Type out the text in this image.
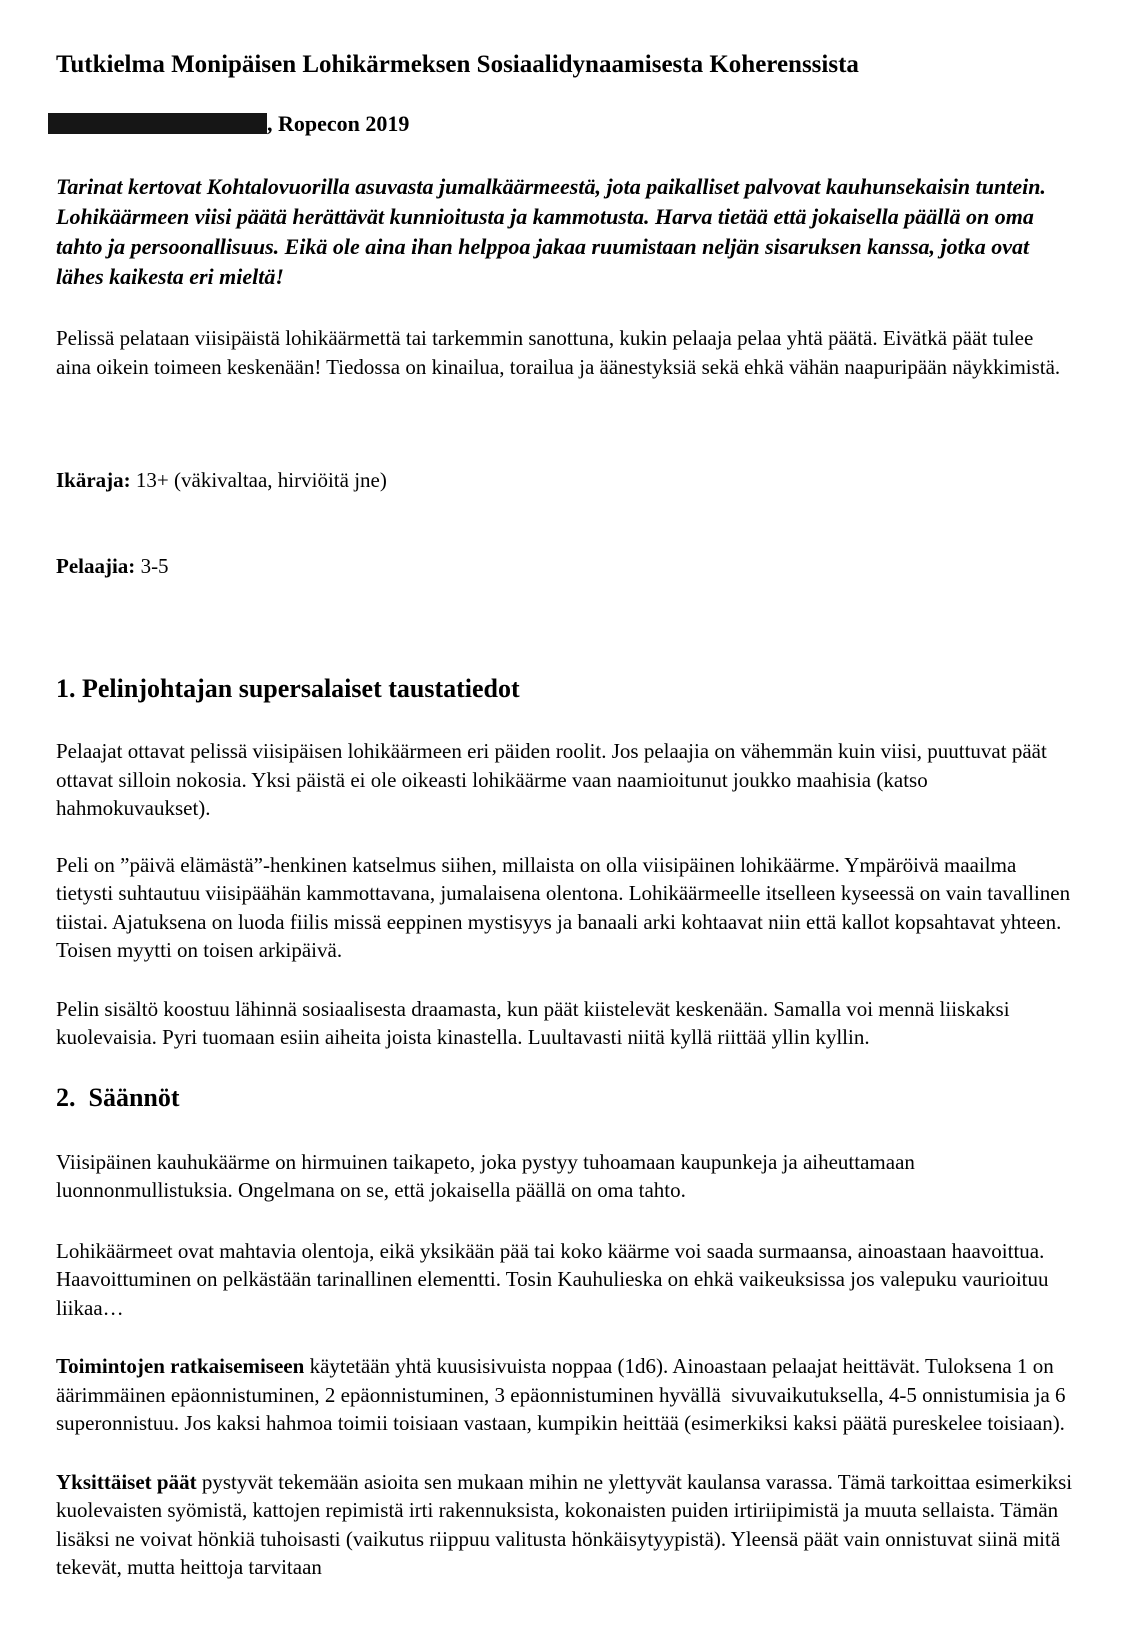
Tutkielma Monipäisen Lohikärmeksen Sosiaalidynaamisesta Koherenssista

, Ropecon 2019

Tarinat kertovat Kohtalovuorilla asuvasta jumalkäärmeestä, jota paikalliset palvovat kauhunsekaisin tuntein. Lohikäärmeen viisi päätä herättävät kunnioitusta ja kammotusta. Harva tietää että jokaisella päällä on oma tahto ja persoonallisuus. Eikä ole aina ihan helppoa jakaa ruumistaan neljän sisaruksen kanssa, jotka ovat lähes kaikesta eri mieltä!

Pelissä pelataan viisipäistä lohikäärmettä tai tarkemmin sanottuna, kukin pelaaja pelaa yhtä päätä. Eivätkä päät tulee aina oikein toimeen keskenään! Tiedossa on kinailua, torailua ja äänestyksiä sekä ehkä vähän naapuripään näykkimistä.

Ikäraja: 13+ (väkivaltaa, hirviöitä jne)

Pelaajia: 3-5

1. Pelinjohtajan supersalaiset taustatiedot

Pelaajat ottavat pelissä viisipäisen lohikäärmeen eri päiden roolit. Jos pelaajia on vähemmän kuin viisi, puuttuvat päät ottavat silloin nokosia. Yksi päistä ei ole oikeasti lohikäärme vaan naamioitunut joukko maahisia (katso hahmokuvaukset).

Peli on ”päivä elämästä”-henkinen katselmus siihen, millaista on olla viisipäinen lohikäärme. Ympäröivä maailma tietysti suhtautuu viisipäähän kammottavana, jumalaisena olentona. Lohikäärmeelle itselleen kyseessä on vain tavallinen tiistai. Ajatuksena on luoda fiilis missä eeppinen mystisyys ja banaali arki kohtaavat niin että kallot kopsahtavat yhteen. Toisen myytti on toisen arkipäivä.

Pelin sisältö koostuu lähinnä sosiaalisesta draamasta, kun päät kiistelevät keskenään. Samalla voi mennä liiskaksi kuolevaisia. Pyri tuomaan esiin aiheita joista kinastella. Luultavasti niitä kyllä riittää yllin kyllin.

2.  Säännöt

Viisipäinen kauhukäärme on hirmuinen taikapeto, joka pystyy tuhoamaan kaupunkeja ja aiheuttamaan luonnonmullistuksia. Ongelmana on se, että jokaisella päällä on oma tahto.

Lohikäärmeet ovat mahtavia olentoja, eikä yksikään pää tai koko käärme voi saada surmaansa, ainoastaan haavoittua. Haavoittuminen on pelkästään tarinallinen elementti. Tosin Kauhulieska on ehkä vaikeuksissa jos valepuku vaurioituu liikaa…

Toimintojen ratkaisemiseen käytetään yhtä kuusisivuista noppaa (1d6). Ainoastaan pelaajat heittävät. Tuloksena 1 on äärimmäinen epäonnistuminen, 2 epäonnistuminen, 3 epäonnistuminen hyvällä  sivuvaikutuksella, 4-5 onnistumisia ja 6 superonnistuu. Jos kaksi hahmoa toimii toisiaan vastaan, kumpikin heittää (esimerkiksi kaksi päätä pureskelee toisiaan).

Yksittäiset päät pystyvät tekemään asioita sen mukaan mihin ne ylettyvät kaulansa varassa. Tämä tarkoittaa esimerkiksi kuolevaisten syömistä, kattojen repimistä irti rakennuksista, kokonaisten puiden irtiriipimistä ja muuta sellaista. Tämän lisäksi ne voivat hönkiä tuhoisasti (vaikutus riippuu valitusta hönkäisytyypistä). Yleensä päät vain onnistuvat siinä mitä tekevät, mutta heittoja tarvitaan
